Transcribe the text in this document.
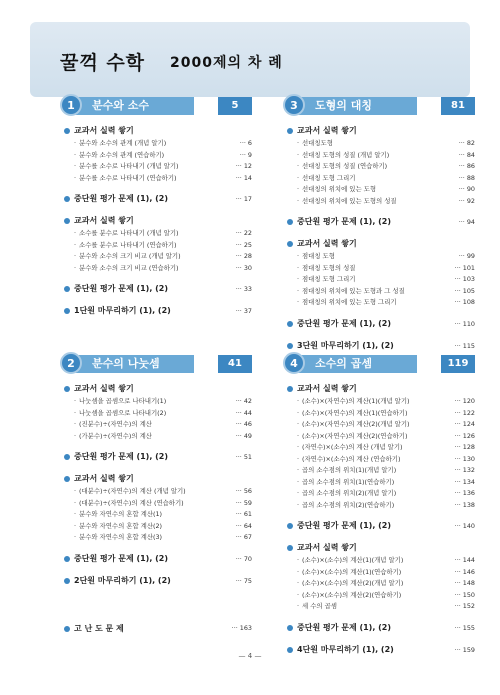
꿀꺽 수학 2000제의 차 례
분수와 소수
1	5
교과서 실력 쌓기
· 분수와 소수의 관계 (개념 알기)	··· 6
· 분수와 소수의 관계 (연습하기)	··· 9
· 분수를 소수로 나타내기 (개념 알기)	··· 12
· 분수를 소수로 나타내기 (연습하기)	··· 14
중단원 평가 문제 (1), (2)	··· 17
교과서 실력 쌓기
· 소수를 분수로 나타내기 (개념 알기)	··· 22
· 소수를 분수로 나타내기 (연습하기)	··· 25
· 분수와 소수의 크기 비교 (개념 알기)	··· 28
· 분수와 소수의 크기 비교 (연습하기)	··· 30
중단원 평가 문제 (1), (2)	··· 33
1단원 마무리하기 (1), (2)	··· 37
도형의 대칭
3	81
교과서 실력 쌓기
· 선대칭도형	··· 82
· 선대칭 도형의 성질 (개념 알기)	··· 84
· 선대칭 도형의 성질 (연습하기)	··· 86
· 선대칭 도형 그리기	··· 88
· 선대칭의 위치에 있는 도형	··· 90
· 선대칭의 위치에 있는 도형의 성질	··· 92
중단원 평가 문제 (1), (2)	··· 94
교과서 실력 쌓기
· 점대칭 도형	··· 99
· 점대칭 도형의 성질	··· 101
· 점대칭 도형 그리기	··· 103
· 점대칭의 위치에 있는 도형과 그 성질	··· 105
· 점대칭의 위치에 있는 도형 그리기	··· 108
중단원 평가 문제 (1), (2)	··· 110
3단원 마무리하기 (1), (2)	··· 115
분수의 나눗셈
2	41
교과서 실력 쌓기
· 나눗셈을 곱셈으로 나타내기(1)	··· 42
· 나눗셈을 곱셈으로 나타내기(2)	··· 44
· (진분수)÷(자연수)의 계산	··· 46
· (가분수)÷(자연수)의 계산	··· 49
중단원 평가 문제 (1), (2)	··· 51
교과서 실력 쌓기
· (대분수)÷(자연수)의 계산 (개념 알기)	··· 56
· (대분수)÷(자연수)의 계산 (연습하기)	··· 59
· 분수와 자연수의 혼합 계산(1)	··· 61
· 분수와 자연수의 혼합 계산(2)	··· 64
· 분수와 자연수의 혼합 계산(3)	··· 67
중단원 평가 문제 (1), (2)	··· 70
2단원 마무리하기 (1), (2)	··· 75
소수의 곱셈
4	119
교과서 실력 쌓기
· (소수)×(자연수)의 계산(1)(개념 알기)	··· 120
· (소수)×(자연수)의 계산(1)(연습하기)	··· 122
· (소수)×(자연수)의 계산(2)(개념 알기)	··· 124
· (소수)×(자연수)의 계산(2)(연습하기)	··· 126
· (자연수)×(소수)의 계산 (개념 알기)	··· 128
· (자연수)×(소수)의 계산 (연습하기)	··· 130
· 곱의 소수점의 위치(1)(개념 알기)	··· 132
· 곱의 소수점의 위치(1)(연습하기)	··· 134
· 곱의 소수점의 위치(2)(개념 알기)	··· 136
· 곱의 소수점의 위치(2)(연습하기)	··· 138
중단원 평가 문제 (1), (2)	··· 140
교과서 실력 쌓기
· (소수)×(소수)의 계산(1)(개념 알기)	··· 144
· (소수)×(소수)의 계산(1)(연습하기)	··· 146
· (소수)×(소수)의 계산(2)(개념 알기)	··· 148
· (소수)×(소수)의 계산(2)(연습하기)	··· 150
· 세 수의 곱셈	··· 152
중단원 평가 문제 (1), (2)	··· 155
4단원 마무리하기 (1), (2)	··· 159
고 난 도 문 제	··· 163
— 4 —
